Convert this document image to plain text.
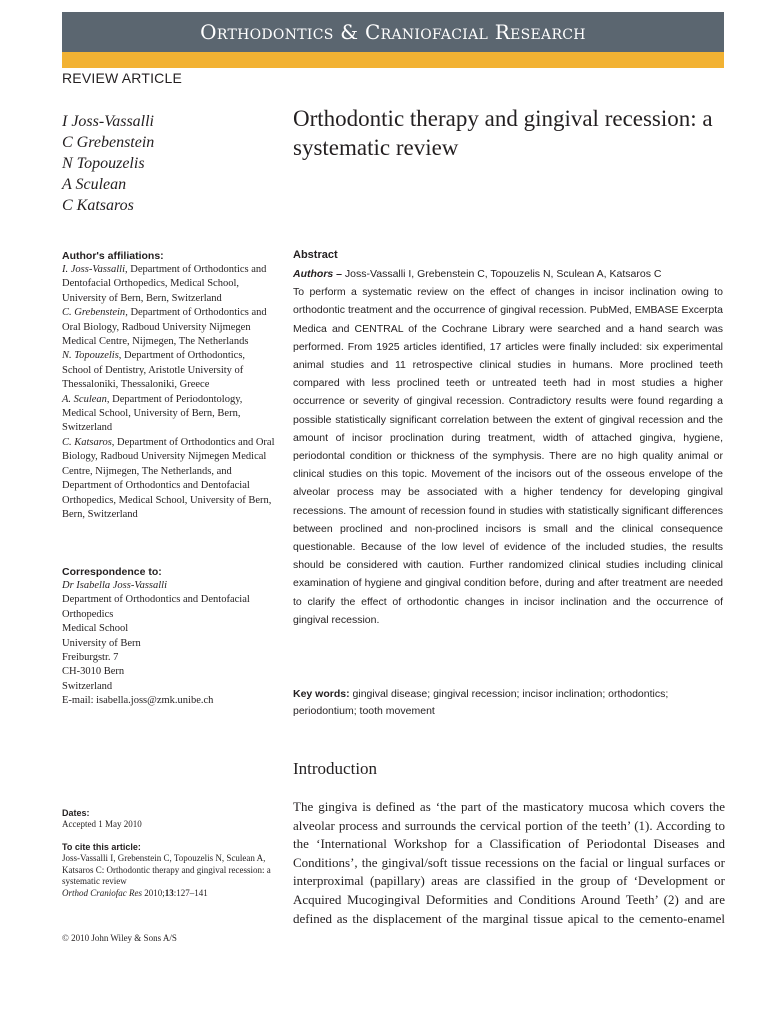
Orthodontics & Craniofacial Research
REVIEW ARTICLE
I Joss-Vassalli
C Grebenstein
N Topouzelis
A Sculean
C Katsaros
Orthodontic therapy and gingival recession: a systematic review

Author's affiliations:

I. Joss-Vassalli, Department of Orthodontics and Dentofacial Orthopedics, Medical School, University of Bern, Bern, Switzerland

C. Grebenstein, Department of Orthodontics and Oral Biology, Radboud University Nijmegen Medical Centre, Nijmegen, The Netherlands

N. Topouzelis, Department of Orthodontics, School of Dentistry, Aristotle University of Thessaloniki, Thessaloniki, Greece

A. Sculean, Department of Periodontology, Medical School, University of Bern, Bern, Switzerland

C. Katsaros, Department of Orthodontics and Oral Biology, Radboud University Nijmegen Medical Centre, Nijmegen, The Netherlands, and Department of Orthodontics and Dentofacial Orthopedics, Medical School, University of Bern, Bern, Switzerland

Correspondence to:

Dr Isabella Joss-Vassalli
Department of Orthodontics and Dentofacial Orthopedics
Medical School
University of Bern
Freiburgstr. 7
CH-3010 Bern
Switzerland
E-mail: isabella.joss@zmk.unibe.ch
Dates:
Accepted 1 May 2010
To cite this article:
Joss-Vassalli I, Grebenstein C, Topouzelis N, Sculean A, Katsaros C: Orthodontic therapy and gingival recession: a systematic review
Orthod Craniofac Res 2010;13:127–141
© 2010 John Wiley & Sons A/S

Abstract

Authors – Joss-Vassalli I, Grebenstein C, Topouzelis N, Sculean A, Katsaros C
To perform a systematic review on the effect of changes in incisor inclination owing to orthodontic treatment and the occurrence of gingival recession. PubMed, EMBASE Excerpta Medica and CENTRAL of the Cochrane Library were searched and a hand search was performed. From 1925 articles identified, 17 articles were finally included: six experimental animal studies and 11 retrospective clinical studies in humans. More proclined teeth compared with less proclined teeth or untreated teeth had in most studies a higher occurrence or severity of gingival recession. Contradictory results were found regarding a possible statistically significant correlation between the extent of gingival recession and the amount of incisor proclination during treatment, width of attached gingiva, hygiene, periodontal condition or thickness of the symphysis. There are no high quality animal or clinical studies on this topic. Movement of the incisors out of the osseous envelope of the alveolar process may be associated with a higher tendency for developing gingival recessions. The amount of recession found in studies with statistically significant differences between proclined and non-proclined incisors is small and the clinical consequence questionable. Because of the low level of evidence of the included studies, the results should be considered with caution. Further randomized clinical studies including clinical examination of hygiene and gingival condition before, during and after treatment are needed to clarify the effect of orthodontic changes in incisor inclination and the occurrence of gingival recession.

Key words: gingival disease; gingival recession; incisor inclination; orthodontics; periodontium; tooth movement

Introduction

The gingiva is defined as ‘the part of the masticatory mucosa which covers the alveolar process and surrounds the cervical portion of the teeth’ (1). According to the ‘International Workshop for a Classification of Periodontal Diseases and Conditions’, the gingival/soft tissue recessions on the facial or lingual surfaces or interproximal (papillary) areas are classified in the group of ‘Development or Acquired Mucogingival Deformities and Conditions Around Teeth’ (2) and are defined as the displacement of the marginal tissue apical to the cemento-enamel
